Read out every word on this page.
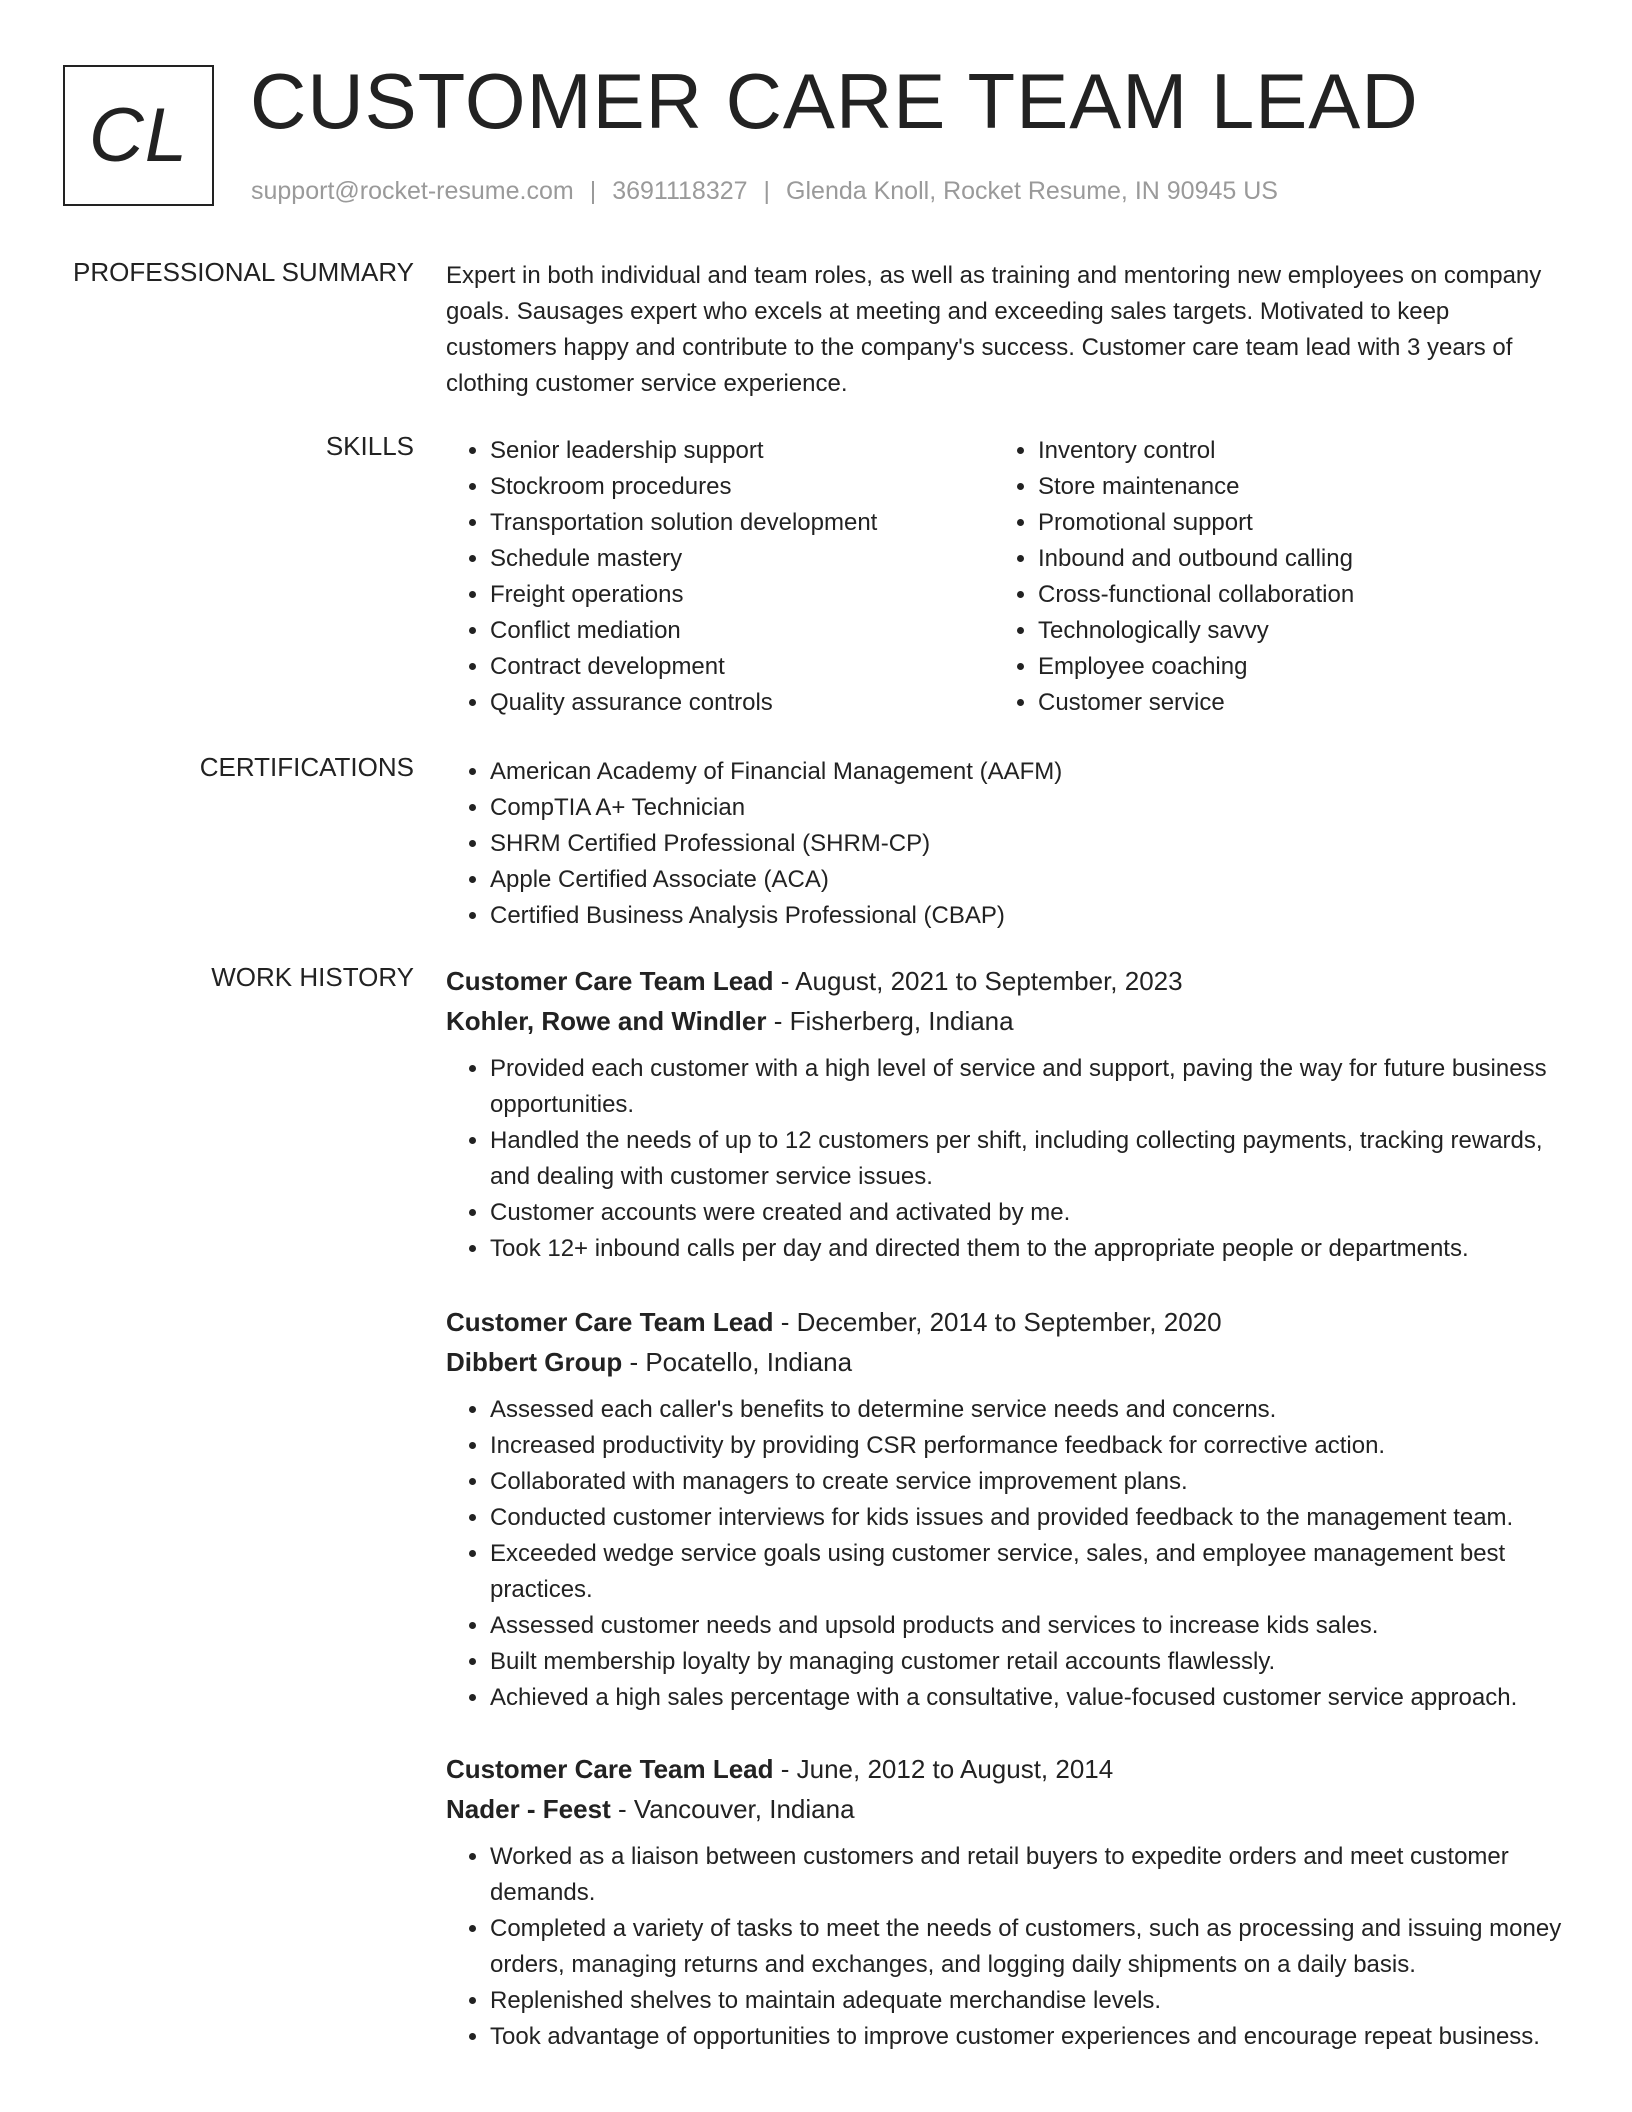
CL CUSTOMER CARE TEAM LEAD
support@rocket-resume.com | 3691118327 | Glenda Knoll, Rocket Resume, IN 90945 US
PROFESSIONAL SUMMARY Expert in both individual and team roles, as well as training and mentoring new employees on company goals. Sausages expert who excels at meeting and exceeding sales targets. Motivated to keep customers happy and contribute to the company's success. Customer care team lead with 3 years of clothing customer service experience.
SKILLS	• Senior leadership support
• Stockroom procedures
• Transportation solution development
• Schedule mastery
• Freight operations
• Conflict mediation
• Contract development
• Quality assurance controls
• Inventory control
• Store maintenance
• Promotional support
• Inbound and outbound calling
• Cross-functional collaboration
• Technologically savvy
• Employee coaching
• Customer service
CERTIFICATIONS	• American Academy of Financial Management (AAFM)
• CompTIA A+ Technician
• SHRM Certified Professional (SHRM-CP)
• Apple Certified Associate (ACA)
• Certified Business Analysis Professional (CBAP)
WORK HISTORY Customer Care Team Lead - August, 2021 to September, 2023
Kohler, Rowe and Windler - Fisherberg, Indiana
• Provided each customer with a high level of service and support, paving the way for future business opportunities.
• Handled the needs of up to 12 customers per shift, including collecting payments, tracking rewards, and dealing with customer service issues.
• Customer accounts were created and activated by me.
• Took 12+ inbound calls per day and directed them to the appropriate people or departments.
Customer Care Team Lead - December, 2014 to September, 2020
Dibbert Group - Pocatello, Indiana
• Assessed each caller's benefits to determine service needs and concerns.
• Increased productivity by providing CSR performance feedback for corrective action.
• Collaborated with managers to create service improvement plans.
• Conducted customer interviews for kids issues and provided feedback to the management team.
• Exceeded wedge service goals using customer service, sales, and employee management best practices.
• Assessed customer needs and upsold products and services to increase kids sales.
• Built membership loyalty by managing customer retail accounts flawlessly.
• Achieved a high sales percentage with a consultative, value-focused customer service approach.
Customer Care Team Lead - June, 2012 to August, 2014
Nader - Feest - Vancouver, Indiana
• Worked as a liaison between customers and retail buyers to expedite orders and meet customer demands.
• Completed a variety of tasks to meet the needs of customers, such as processing and issuing money orders, managing returns and exchanges, and logging daily shipments on a daily basis.
• Replenished shelves to maintain adequate merchandise levels.
• Took advantage of opportunities to improve customer experiences and encourage repeat business.
